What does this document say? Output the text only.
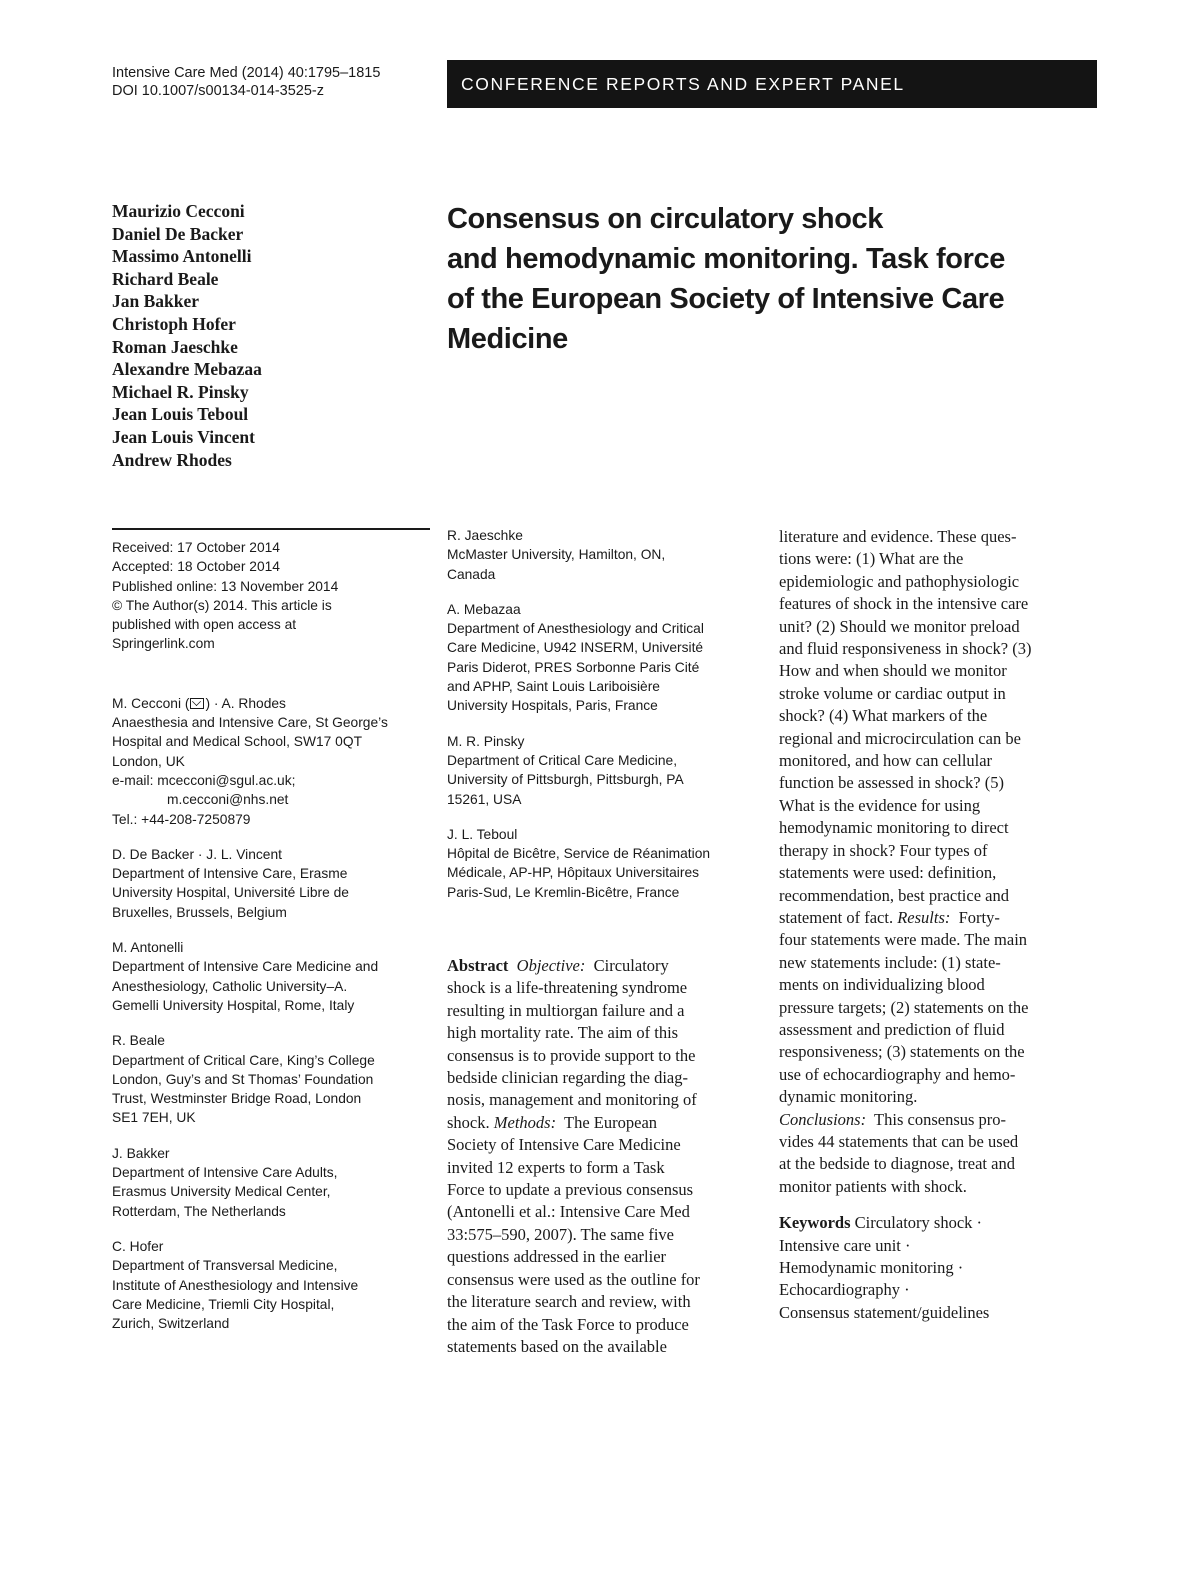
Intensive Care Med (2014) 40:1795–1815
DOI 10.1007/s00134-014-3525-z	CONFERENCE REPORTS AND EXPERT PANEL
Maurizio Cecconi
Daniel De Backer
Massimo Antonelli
Richard Beale
Jan Bakker
Christoph Hofer
Roman Jaeschke
Alexandre Mebazaa
Michael R. Pinsky
Jean Louis Teboul
Jean Louis Vincent
Andrew Rhodes
Consensus on circulatory shock
and hemodynamic monitoring. Task force
of the European Society of Intensive Care
Medicine
Received: 17 October 2014
Accepted: 18 October 2014
Published online: 13 November 2014
© The Author(s) 2014. This article is
published with open access at
Springerlink.com
M. Cecconi ( ) · A. Rhodes
Anaesthesia and Intensive Care, St George’s
Hospital and Medical School, SW17 0QT
London, UK
e-mail: mcecconi@sgul.ac.uk;
m.cecconi@nhs.net
Tel.: +44-208-7250879
D. De Backer · J. L. Vincent
Department of Intensive Care, Erasme
University Hospital, Université Libre de
Bruxelles, Brussels, Belgium
M. Antonelli
Department of Intensive Care Medicine and
Anesthesiology, Catholic University–A.
Gemelli University Hospital, Rome, Italy
R. Beale
Department of Critical Care, King’s College
London, Guy’s and St Thomas’ Foundation
Trust, Westminster Bridge Road, London
SE1 7EH, UK
J. Bakker
Department of Intensive Care Adults,
Erasmus University Medical Center,
Rotterdam, The Netherlands
C. Hofer
Department of Transversal Medicine,
Institute of Anesthesiology and Intensive
Care Medicine, Triemli City Hospital,
Zurich, Switzerland
R. Jaeschke
McMaster University, Hamilton, ON,
Canada
A. Mebazaa
Department of Anesthesiology and Critical
Care Medicine, U942 INSERM, Université
Paris Diderot, PRES Sorbonne Paris Cité
and APHP, Saint Louis Lariboisière
University Hospitals, Paris, France
M. R. Pinsky
Department of Critical Care Medicine,
University of Pittsburgh, Pittsburgh, PA
15261, USA
J. L. Teboul
Hôpital de Bicêtre, Service de Réanimation
Médicale, AP-HP, Hôpitaux Universitaires
Paris-Sud, Le Kremlin-Bicêtre, France
Abstract Objective:  Circulatory
shock is a life-threatening syndrome
resulting in multiorgan failure and a
high mortality rate. The aim of this
consensus is to provide support to the
bedside clinician regarding the diag-
nosis, management and monitoring of
shock. Methods:  The European
Society of Intensive Care Medicine
invited 12 experts to form a Task
Force to update a previous consensus
(Antonelli et al.: Intensive Care Med
33:575–590, 2007). The same five
questions addressed in the earlier
consensus were used as the outline for
the literature search and review, with
the aim of the Task Force to produce
statements based on the available
literature and evidence. These ques-
tions were: (1) What are the
epidemiologic and pathophysiologic
features of shock in the intensive care
unit? (2) Should we monitor preload
and fluid responsiveness in shock? (3)
How and when should we monitor
stroke volume or cardiac output in
shock? (4) What markers of the
regional and microcirculation can be
monitored, and how can cellular
function be assessed in shock? (5)
What is the evidence for using
hemodynamic monitoring to direct
therapy in shock? Four types of
statements were used: definition,
recommendation, best practice and
statement of fact. Results:  Forty-
four statements were made. The main
new statements include: (1) state-
ments on individualizing blood
pressure targets; (2) statements on the
assessment and prediction of fluid
responsiveness; (3) statements on the
use of echocardiography and hemo-
dynamic monitoring.
Conclusions:  This consensus pro-
vides 44 statements that can be used
at the bedside to diagnose, treat and
monitor patients with shock.
Keywords Circulatory shock ·
Intensive care unit ·
Hemodynamic monitoring ·
Echocardiography ·
Consensus statement/guidelines
